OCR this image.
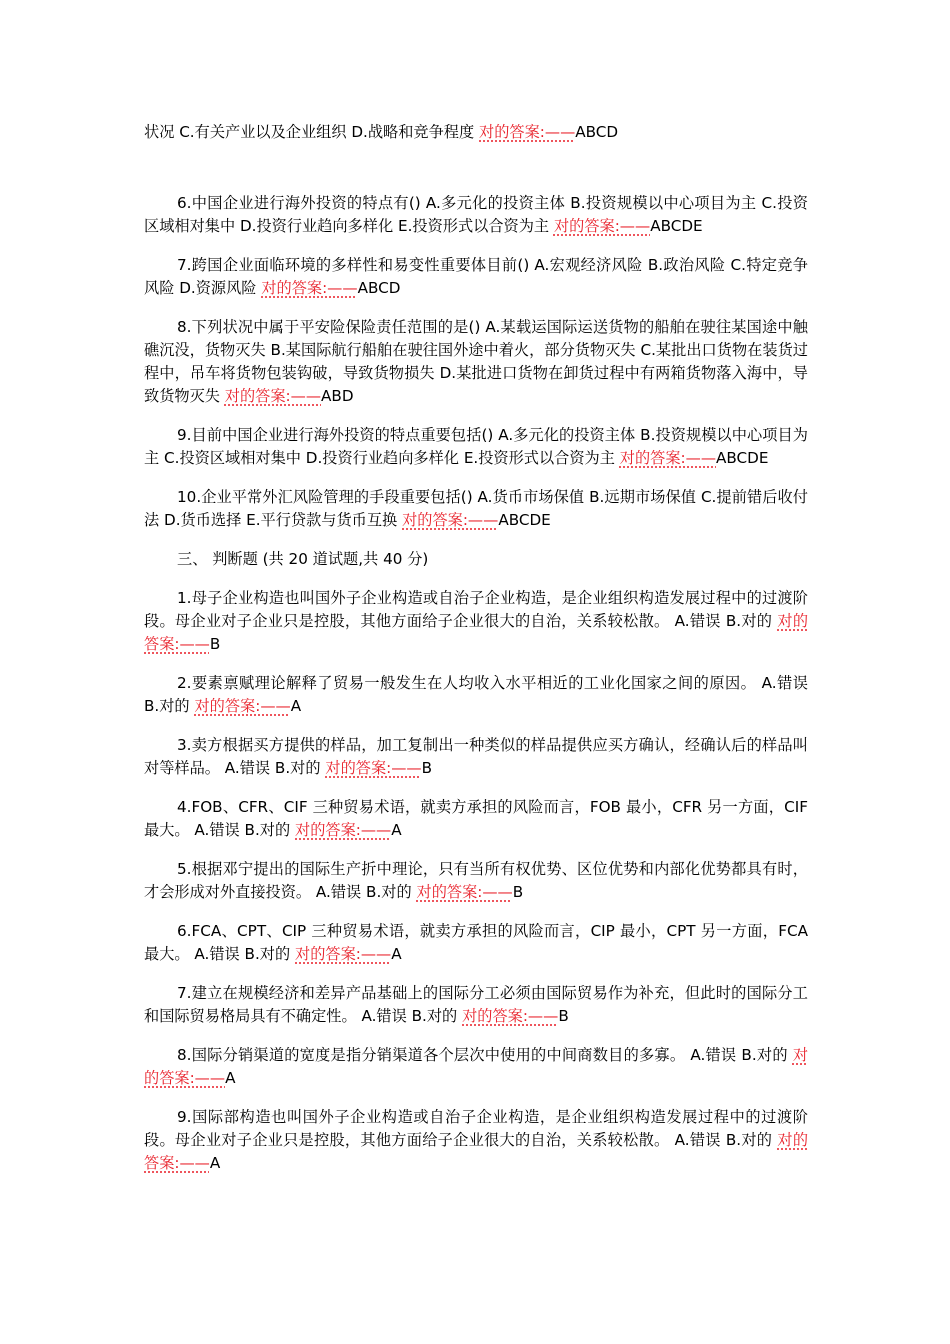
状况 C.有关产业以及企业组织 D.战略和竞争程度 对的答案:——ABCD

6.中国企业进行海外投资的特点有() A.多元化的投资主体 B.投资规模以中心项目为主 C.投资区域相对集中 D.投资行业趋向多样化 E.投资形式以合资为主 对的答案:——ABCDE

7.跨国企业面临环境的多样性和易变性重要体目前() A.宏观经济风险 B.政治风险 C.特定竞争风险 D.资源风险 对的答案:——ABCD

8.下列状况中属于平安险保险责任范围的是() A.某载运国际运送货物的船舶在驶往某国途中触礁沉没，货物灭失 B.某国际航行船舶在驶往国外途中着火，部分货物灭失 C.某批出口货物在装货过程中，吊车将货物包装钩破，导致货物损失 D.某批进口货物在卸货过程中有两箱货物落入海中，导致货物灭失 对的答案:——ABD

9.目前中国企业进行海外投资的特点重要包括() A.多元化的投资主体 B.投资规模以中心项目为主 C.投资区域相对集中 D.投资行业趋向多样化 E.投资形式以合资为主 对的答案:——ABCDE

10.企业平常外汇风险管理的手段重要包括() A.货币市场保值 B.远期市场保值 C.提前错后收付法 D.货币选择 E.平行贷款与货币互换 对的答案:——ABCDE

三、 判断题 (共 20 道试题,共 40 分)

1.母子企业构造也叫国外子企业构造或自治子企业构造，是企业组织构造发展过程中的过渡阶段。母企业对子企业只是控股，其他方面给子企业很大的自治，关系较松散。 A.错误 B.对的 对的答案:——B

2.要素禀赋理论解释了贸易一般发生在人均收入水平相近的工业化国家之间的原因。 A.错误 B.对的 对的答案:——A

3.卖方根据买方提供的样品，加工复制出一种类似的样品提供应买方确认，经确认后的样品叫对等样品。 A.错误 B.对的 对的答案:——B

4.FOB、CFR、CIF 三种贸易术语，就卖方承担的风险而言，FOB 最小，CFR 另一方面，CIF 最大。 A.错误 B.对的 对的答案:——A

5.根据邓宁提出的国际生产折中理论，只有当所有权优势、区位优势和内部化优势都具有时，才会形成对外直接投资。 A.错误 B.对的 对的答案:——B

6.FCA、CPT、CIP 三种贸易术语，就卖方承担的风险而言，CIP 最小，CPT 另一方面，FCA 最大。 A.错误 B.对的 对的答案:——A

7.建立在规模经济和差异产品基础上的国际分工必须由国际贸易作为补充，但此时的国际分工和国际贸易格局具有不确定性。 A.错误 B.对的 对的答案:——B

8.国际分销渠道的宽度是指分销渠道各个层次中使用的中间商数目的多寡。 A.错误 B.对的 对的答案:——A

9.国际部构造也叫国外子企业构造或自治子企业构造，是企业组织构造发展过程中的过渡阶段。母企业对子企业只是控股，其他方面给子企业很大的自治，关系较松散。 A.错误 B.对的 对的答案:——A
